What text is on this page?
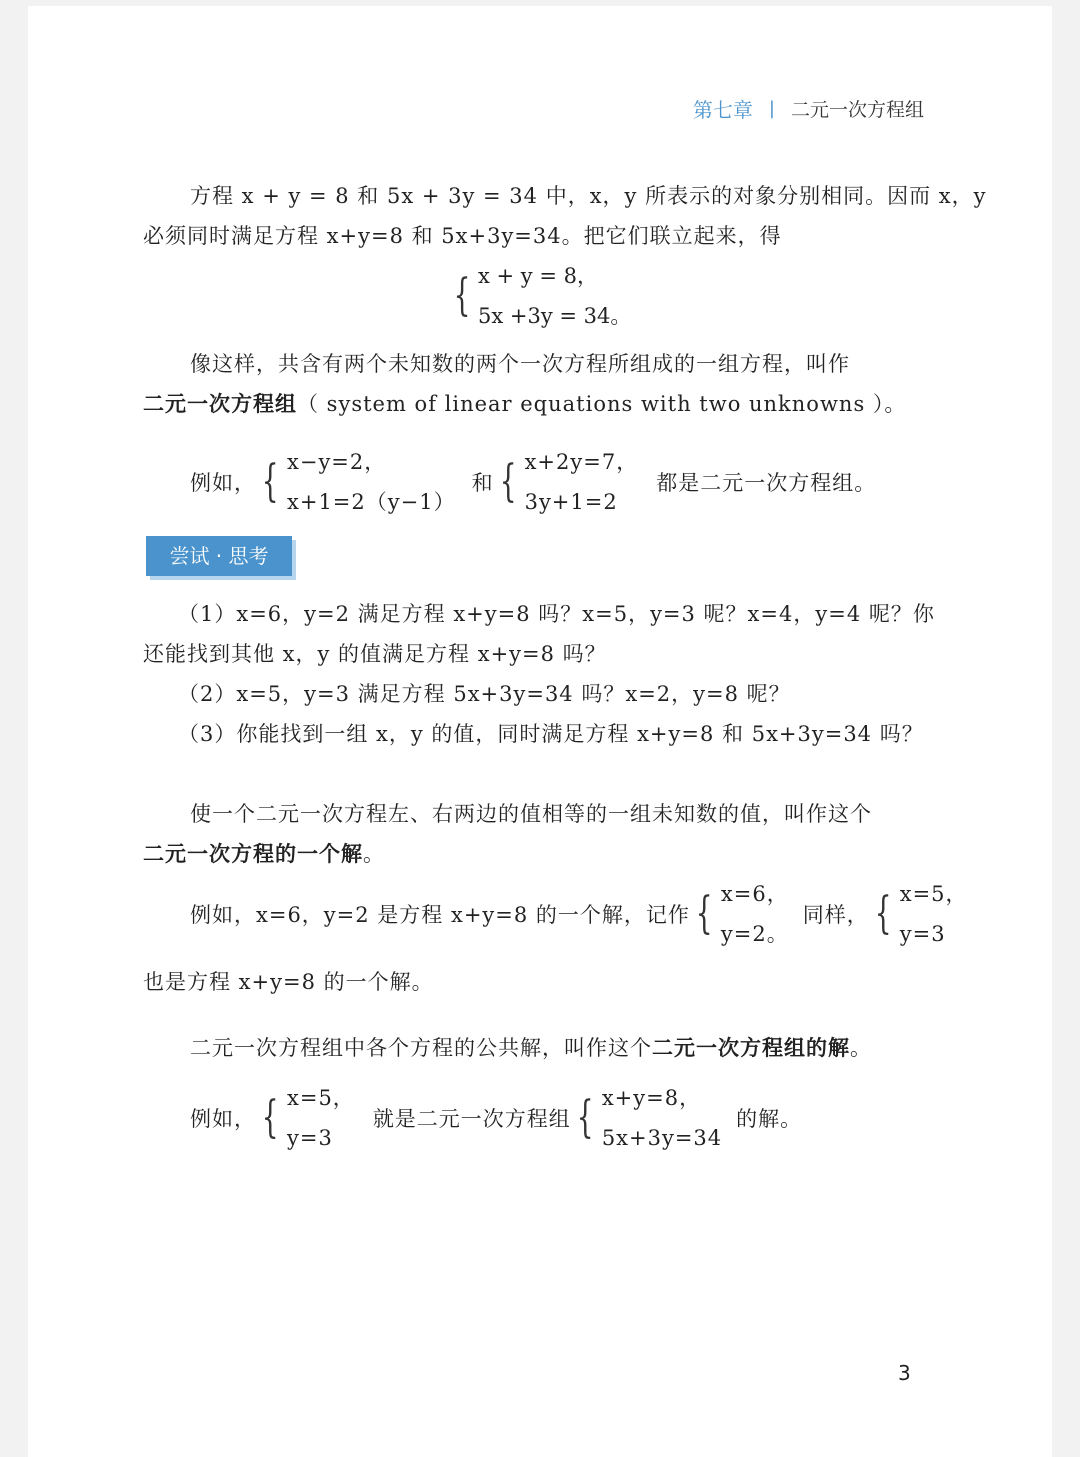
第七章 | 二元一次方程组
方程 x + y = 8 和 5x + 3y = 34 中，x，y 所表示的对象分别相同。因而 x，y
必须同时满足方程 x+y=8 和 5x+3y=34。把它们联立起来，得
{ x + y = 8，
5x +3y = 34。
像这样，共含有两个未知数的两个一次方程所组成的一组方程，叫作
二元一次方程组（ system of linear equations with two unknowns ）。
例如， { x−y=2，
x+1=2（y−1）
和 { x+2y=7，
3y+1=2
都是二元一次方程组。
尝试 · 思考
（1）x=6，y=2 满足方程 x+y=8 吗？x=5，y=3 呢？x=4，y=4 呢？你
还能找到其他 x，y 的值满足方程 x+y=8 吗？
（2）x=5，y=3 满足方程 5x+3y=34 吗？x=2，y=8 呢？
（3）你能找到一组 x，y 的值，同时满足方程 x+y=8 和 5x+3y=34 吗？
使一个二元一次方程左、右两边的值相等的一组未知数的值，叫作这个
二元一次方程的一个解。
例如，x=6，y=2 是方程 x+y=8 的一个解，记作 { x=6，
y=2。
同样， { x=5，
y=3
也是方程 x+y=8 的一个解。
二元一次方程组中各个方程的公共解，叫作这个二元一次方程组的解。
例如， { x=5，
y=3
就是二元一次方程组 { x+y=8，
5x+3y=34
的解。
3
